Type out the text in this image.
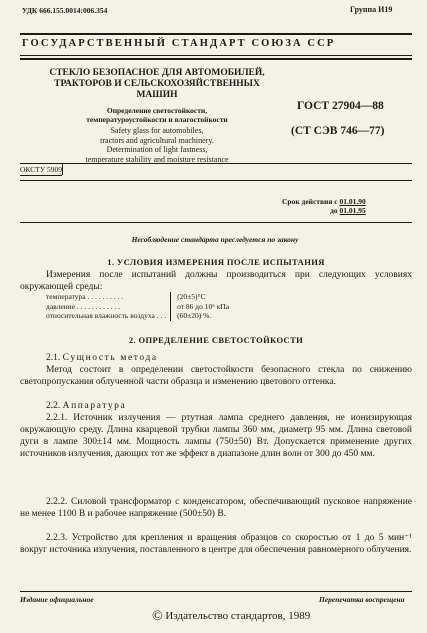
УДК 666.155.0014:006.354	Группа И19
ГОСУДАРСТВЕННЫЙ СТАНДАРТ СОЮЗА ССР
СТЕКЛО БЕЗОПАСНОЕ ДЛЯ АВТОМОБИЛЕЙ,
ТРАКТОРОВ И СЕЛЬСКОХОЗЯЙСТВЕННЫХ
МАШИН
Определение светостойкости,
температуроустойкости и влагостойкости
Safety glass for automobiles,
tractors and agricultural machinery.
Determination of light fastness,
temperature stability and moisture resistance
ГОСТ 27904—88
(СТ СЭВ 746—77)
ОКСТУ 5909
Срок действия с 01.01.90
до 01.01.95
Несоблюдение стандарта преследуется по закону
1. УСЛОВИЯ ИЗМЕРЕНИЯ ПОСЛЕ ИСПЫТАНИЯ
Измерения после испытаний должны производиться при следующих условиях окружающей среды:
температура . . . . . . . . . .	(20±5)°С
давление . . . . . . . . . . . .	от 86 до 10⁶ кПа
относительная влажность воздуха . . .	(60±20) %.
2. ОПРЕДЕЛЕНИЕ СВЕТОСТОЙКОСТИ
2.1. Сущность метода
Метод состоит в определении светостойкости безопасного стекла по снижению светопропускания облученной части образца и изменению цветового оттенка.
2.2. Аппаратура
2.2.1. Источник излучения — ртутная лампа среднего давления, не ионизирующая окружающую среду. Длина кварцевой трубки лампы 360 мм, диаметр 95 мм. Длина световой дуги в лампе 300±14 мм. Мощность лампы (750±50) Вт. Допускается применение других источников излучения, дающих тот же эффект в диапазоне длин волн от 300 до 450 мм.
2.2.2. Силовой трансформатор с конденсатором, обеспечивающий пусковое напряжение не менее 1100 В и рабочее напряжение (500±50) В.
2.2.3. Устройство для крепления и вращения образцов со скоростью от 1 до 5 мин⁻¹ вокруг источника излучения, поставленного в центре для обеспечения равномерного облучения.
Издание официальное	Перепечатка воспрещена
© Издательство стандартов, 1989
